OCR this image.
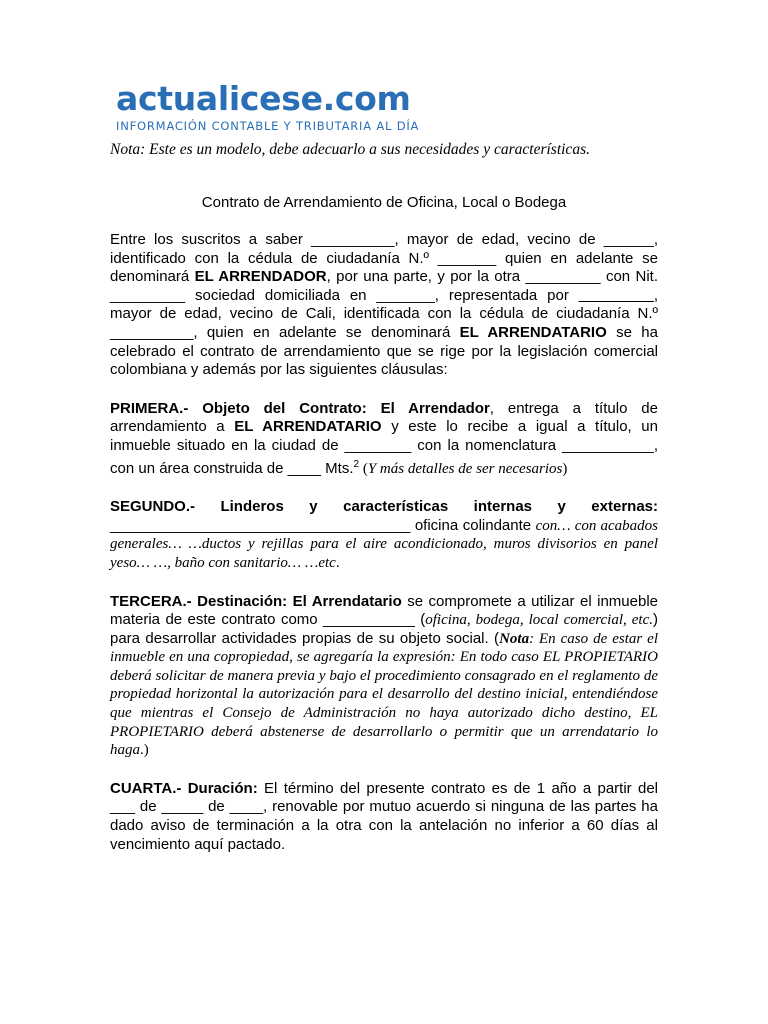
actualicese.com
INFORMACIÓN CONTABLE Y TRIBUTARIA AL DÍA

Nota: Este es un modelo, debe adecuarlo a sus necesidades y características.

Contrato de Arrendamiento de Oficina, Local o Bodega

Entre los suscritos a saber __________, mayor de edad, vecino de ______, identificado con la cédula de ciudadanía N.º _______ quien en adelante se denominará EL ARRENDADOR, por una parte, y por la otra _________ con Nit. _________ sociedad domiciliada en _______, representada por _________, mayor de edad, vecino de Cali, identificada con la cédula de ciudadanía N.º __________, quien en adelante se denominará EL ARRENDATARIO se ha celebrado el contrato de arrendamiento que se rige por la legislación comercial colombiana y además por las siguientes cláusulas:

PRIMERA.- Objeto del Contrato: El Arrendador, entrega a título de arrendamiento a EL ARRENDATARIO y este lo recibe a igual a título, un inmueble situado en la ciudad de ________ con la nomenclatura ___________, con un área construida de ____ Mts.$^2$ (Y más detalles de ser necesarios)

SEGUNDO.- Linderos y características internas y externas: ____________________________________ oficina colindante con… con acabados generales… …ductos y rejillas para el aire acondicionado, muros divisorios en panel yeso… …, baño con sanitario… …etc.

TERCERA.- Destinación: El Arrendatario se compromete a utilizar el inmueble materia de este contrato como ___________ (oficina, bodega, local comercial, etc.) para desarrollar actividades propias de su objeto social. (Nota: En caso de estar el inmueble en una copropiedad, se agregaría la expresión: En todo caso EL PROPIETARIO deberá solicitar de manera previa y bajo el procedimiento consagrado en el reglamento de propiedad horizontal la autorización para el desarrollo del destino inicial, entendiéndose que mientras el Consejo de Administración no haya autorizado dicho destino, EL PROPIETARIO deberá abstenerse de desarrollarlo o permitir que un arrendatario lo haga.)

CUARTA.- Duración: El término del presente contrato es de 1 año a partir del ___ de _____ de ____, renovable por mutuo acuerdo si ninguna de las partes ha dado aviso de terminación a la otra con la antelación no inferior a 60 días al vencimiento aquí pactado.
